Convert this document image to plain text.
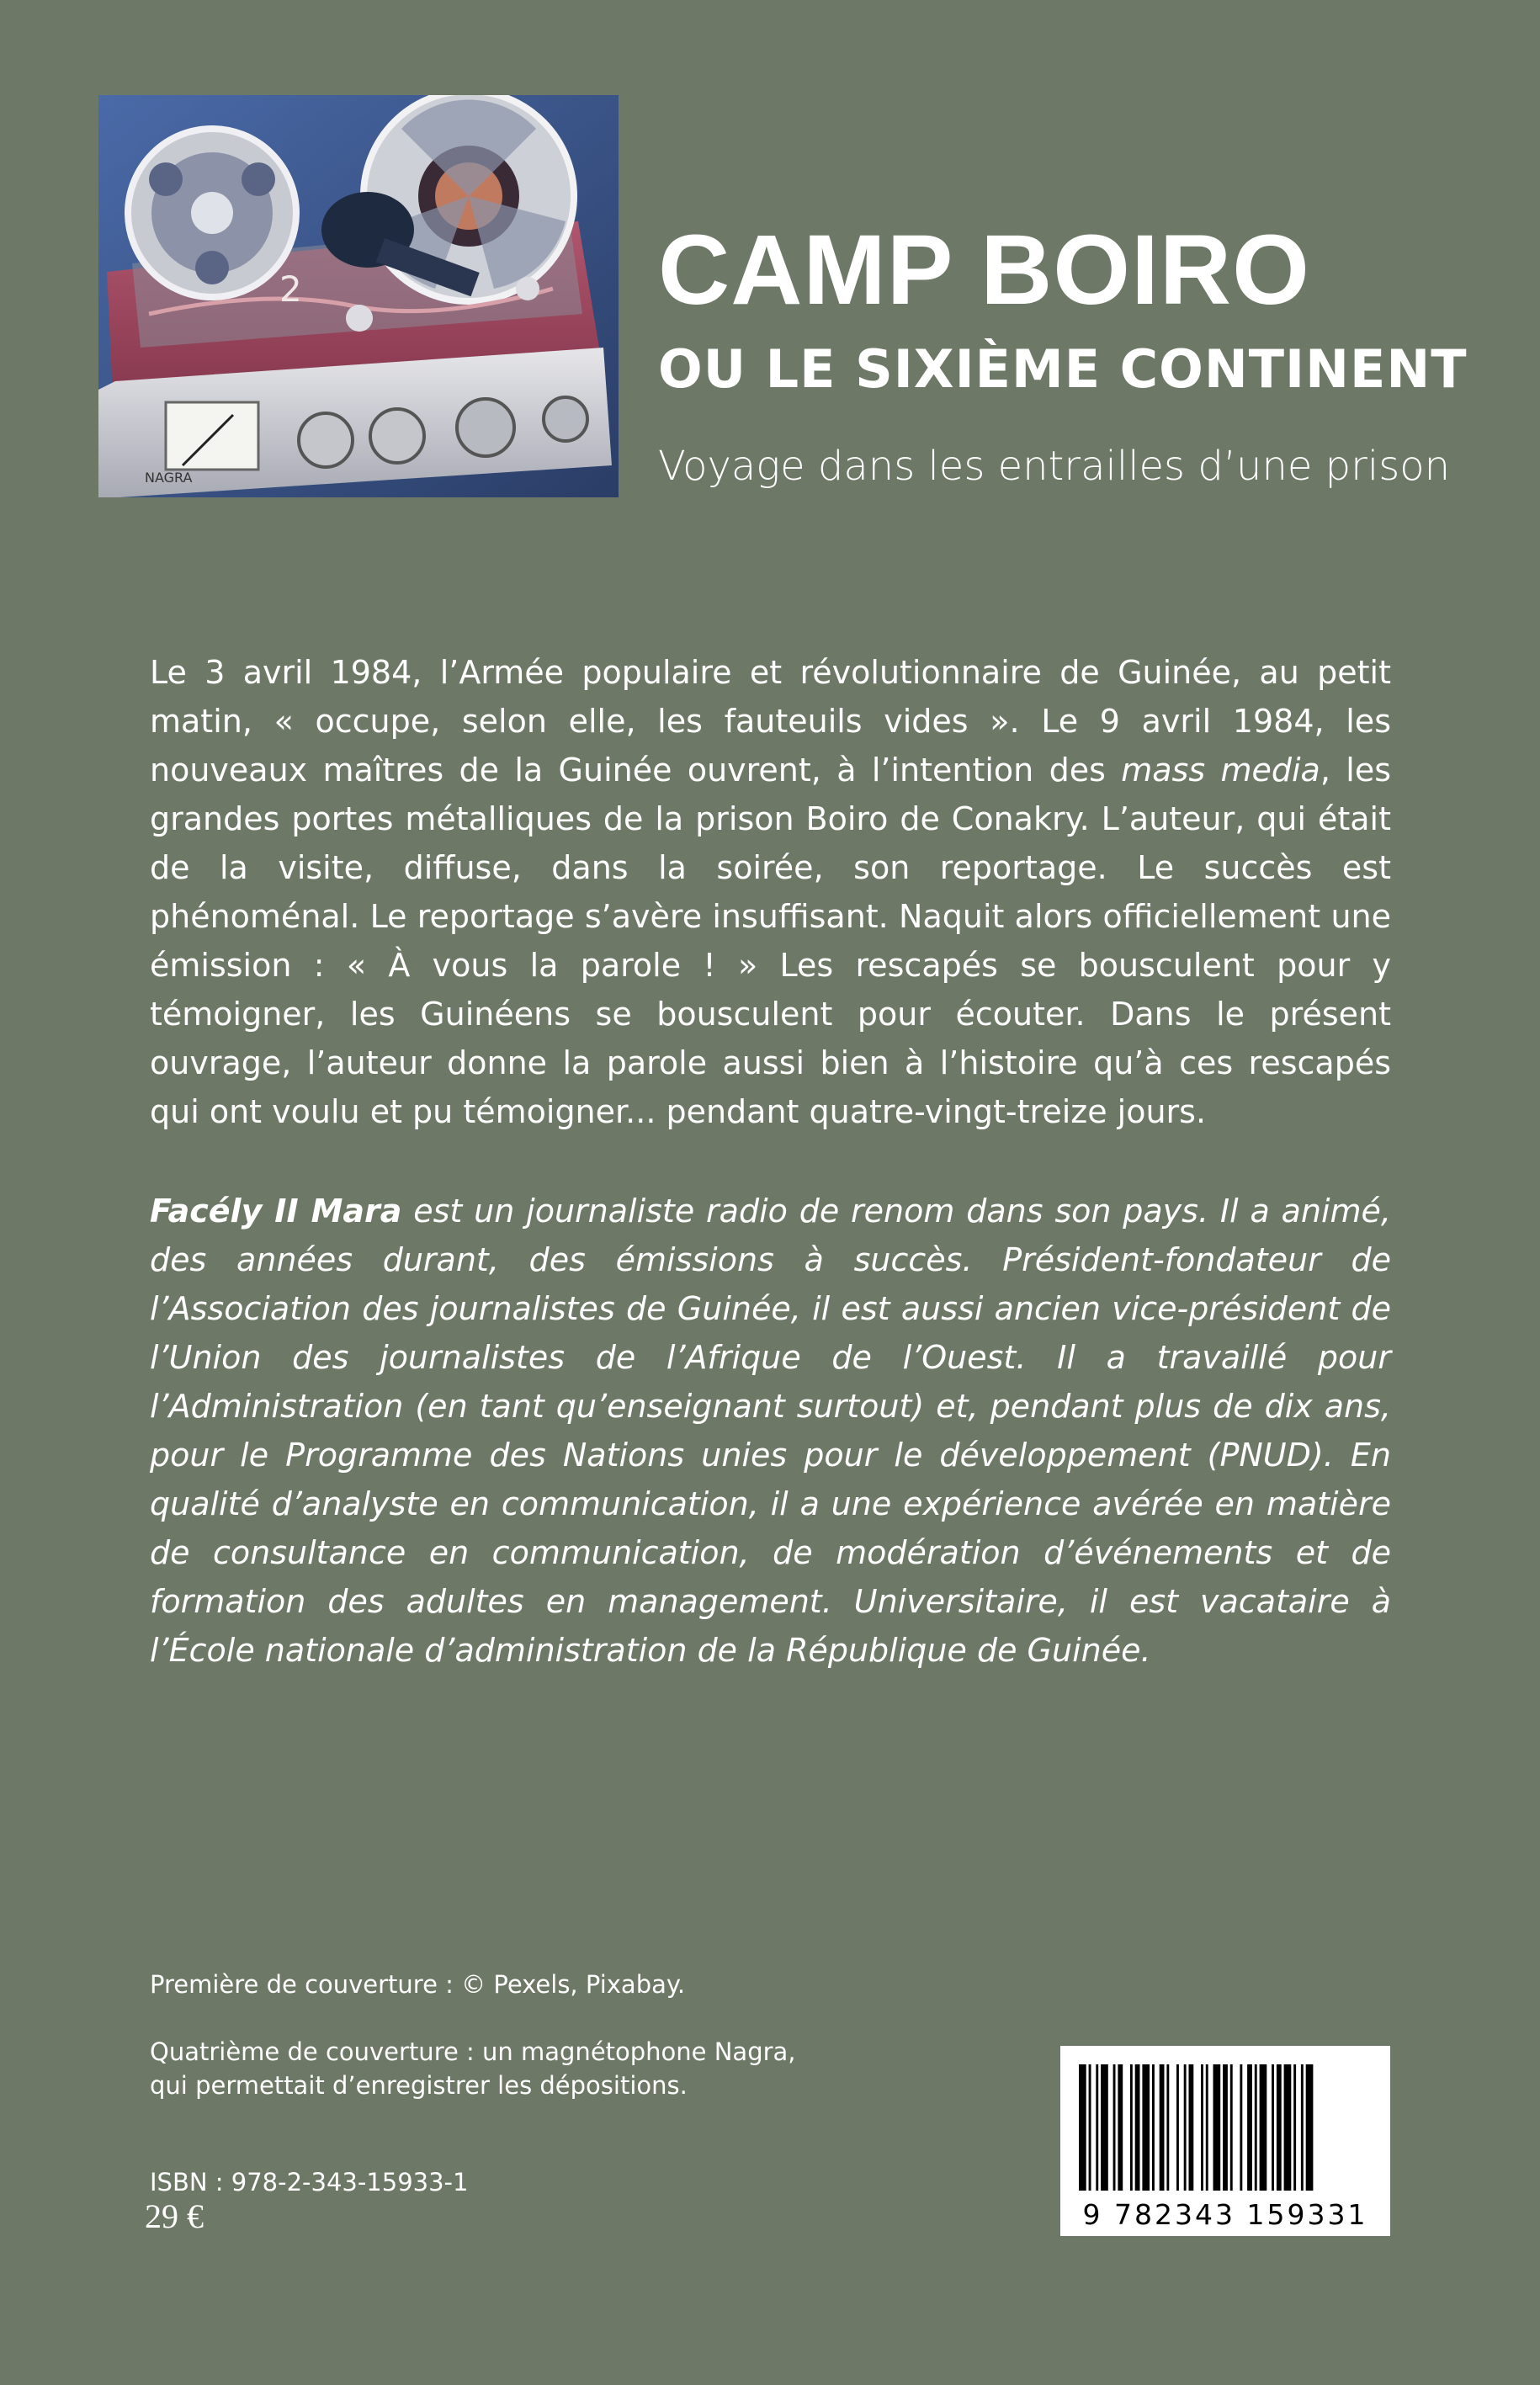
2
NAGRA
CAMP BOIRO
OU LE SIXIÈME CONTINENT

Voyage dans les entrailles d’une prison

Le 3 avril 1984, l’Armée populaire et révolutionnaire de Guinée, au petit matin, « occupe, selon elle, les fauteuils vides ». Le 9 avril 1984, les nouveaux maîtres de la Guinée ouvrent, à l’intention des mass media, les grandes portes métalliques de la prison Boiro de Conakry. L’auteur, qui était de la visite, diffuse, dans la soirée, son reportage. Le succès est phénoménal. Le reportage s’avère insuffisant. Naquit alors officiellement une émission : « À vous la parole ! » Les rescapés se bousculent pour y témoigner, les Guinéens se bousculent pour écouter. Dans le présent ouvrage, l’auteur donne la parole aussi bien à l’histoire qu’à ces rescapés qui ont voulu et pu témoigner... pendant quatre-vingt-treize jours.

Facély II Mara est un journaliste radio de renom dans son pays. Il a animé, des années durant, des émissions à succès. Président-fondateur de l’Association des journalistes de Guinée, il est aussi ancien vice-président de l’Union des journalistes de l’Afrique de l’Ouest. Il a travaillé pour l’Administration (en tant qu’enseignant surtout) et, pendant plus de dix ans, pour le Programme des Nations unies pour le développement (PNUD). En qualité d’analyste en communication, il a une expérience avérée en matière de consultance en communication, de modération d’événements et de formation des adultes en management. Universitaire, il est vacataire à l’École nationale d’administration de la République de Guinée.

Première de couverture : © Pexels, Pixabay.

Quatrième de couverture : un magnétophone Nagra,

qui permettait d’enregistrer les dépositions.

ISBN : 978-2-343-15933-1
29 €	9 782343 159331
